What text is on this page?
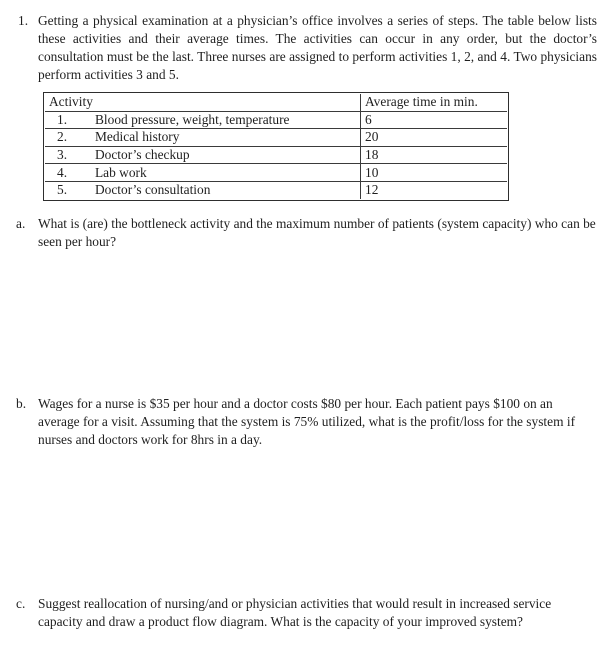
1. Getting a physical examination at a physician’s office involves a series of steps. The table below lists these activities and their average times. The activities can occur in any order, but the doctor’s consultation must be the last. Three nurses are assigned to perform activities 1, 2, and 4. Two physicians perform activities 3 and 5.

Activity	Average time in min.
1. Blood pressure, weight, temperature	6
2. Medical history	20
3. Doctor’s checkup	18
4. Lab work	10
5. Doctor’s consultation	12
a. What is (are) the bottleneck activity and the maximum number of patients (system capacity) who can be seen per hour?

b. Wages for a nurse is $35 per hour and a doctor costs $80 per hour. Each patient pays $100 on an average for a visit. Assuming that the system is 75% utilized, what is the profit/loss for the system if nurses and doctors work for 8hrs in a day.

c. Suggest reallocation of nursing/and or physician activities that would result in increased service capacity and draw a product flow diagram. What is the capacity of your improved system?
